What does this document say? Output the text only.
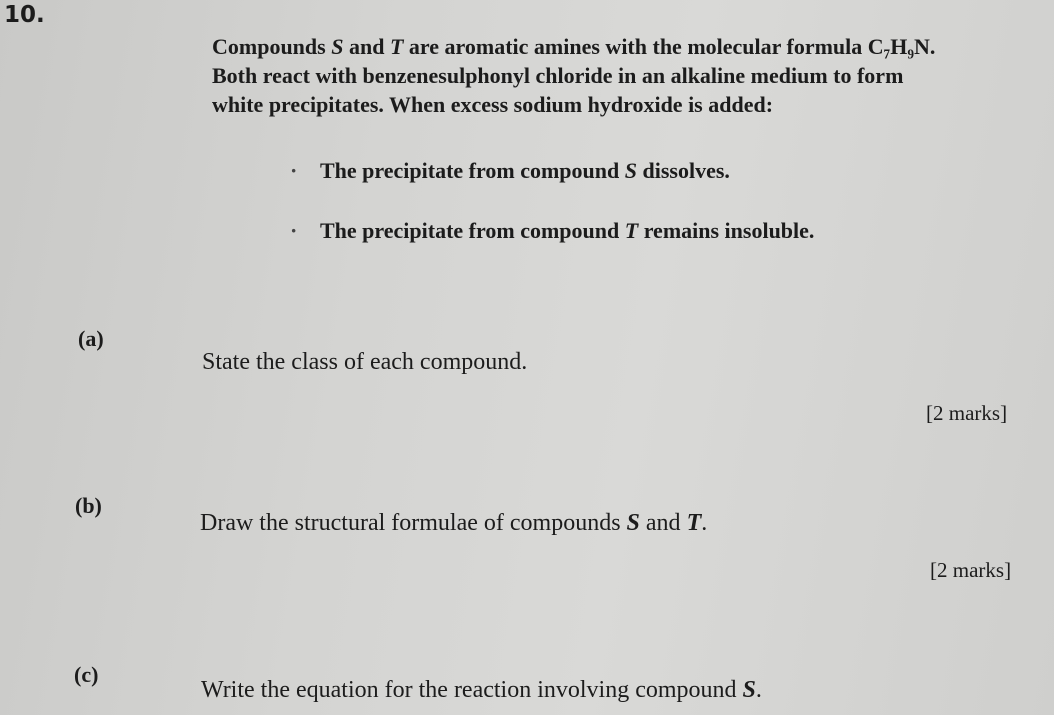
10.
Compounds S and T are aromatic amines with the molecular formula C₇H₉N.
Both react with benzenesulphonyl chloride in an alkaline medium to form
white precipitates. When excess sodium hydroxide is added:
· The precipitate from compound S dissolves.
· The precipitate from compound T remains insoluble.
(a)
State the class of each compound.
[2 marks]
(b)
Draw the structural formulae of compounds S and T.
[2 marks]
(c)
Write the equation for the reaction involving compound S.
